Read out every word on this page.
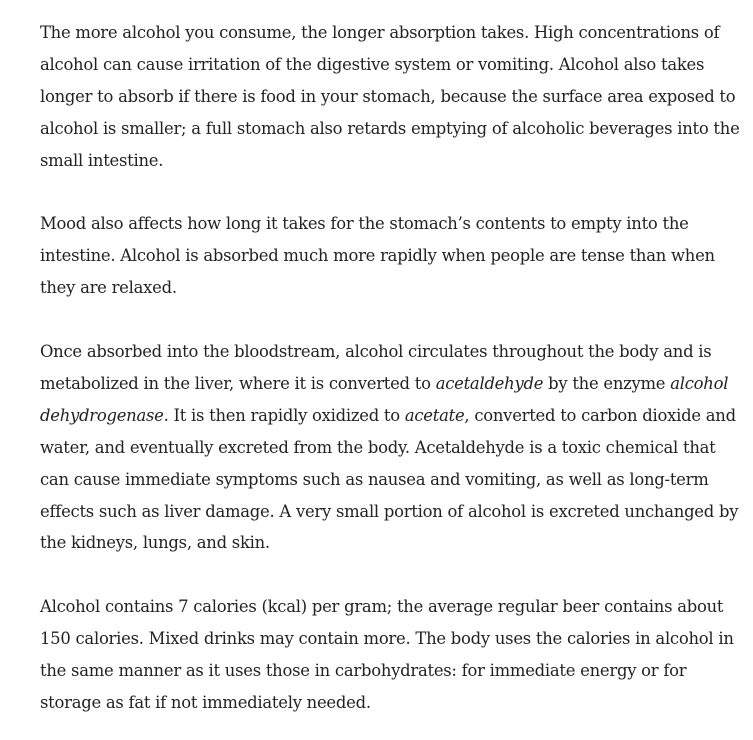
The more alcohol you consume, the longer absorption takes. High concentrations of alcohol can cause irritation of the digestive system or vomiting. Alcohol also takes longer to absorb if there is food in your stomach, because the surface area exposed to alcohol is smaller; a full stomach also retards emptying of alcoholic beverages into the small intestine.

Mood also affects how long it takes for the stomach’s contents to empty into the intestine. Alcohol is absorbed much more rapidly when people are tense than when they are relaxed.

Once absorbed into the bloodstream, alcohol circulates throughout the body and is metabolized in the liver, where it is converted to acetaldehyde by the enzyme alcohol dehydrogenase. It is then rapidly oxidized to acetate, converted to carbon dioxide and water, and eventually excreted from the body. Acetaldehyde is a toxic chemical that can cause immediate symptoms such as nausea and vomiting, as well as long-term effects such as liver damage. A very small portion of alcohol is excreted unchanged by the kidneys, lungs, and skin.

Alcohol contains 7 calories (kcal) per gram; the average regular beer contains about 150 calories. Mixed drinks may contain more. The body uses the calories in alcohol in the same manner as it uses those in carbohydrates: for immediate energy or for storage as fat if not immediately needed.
